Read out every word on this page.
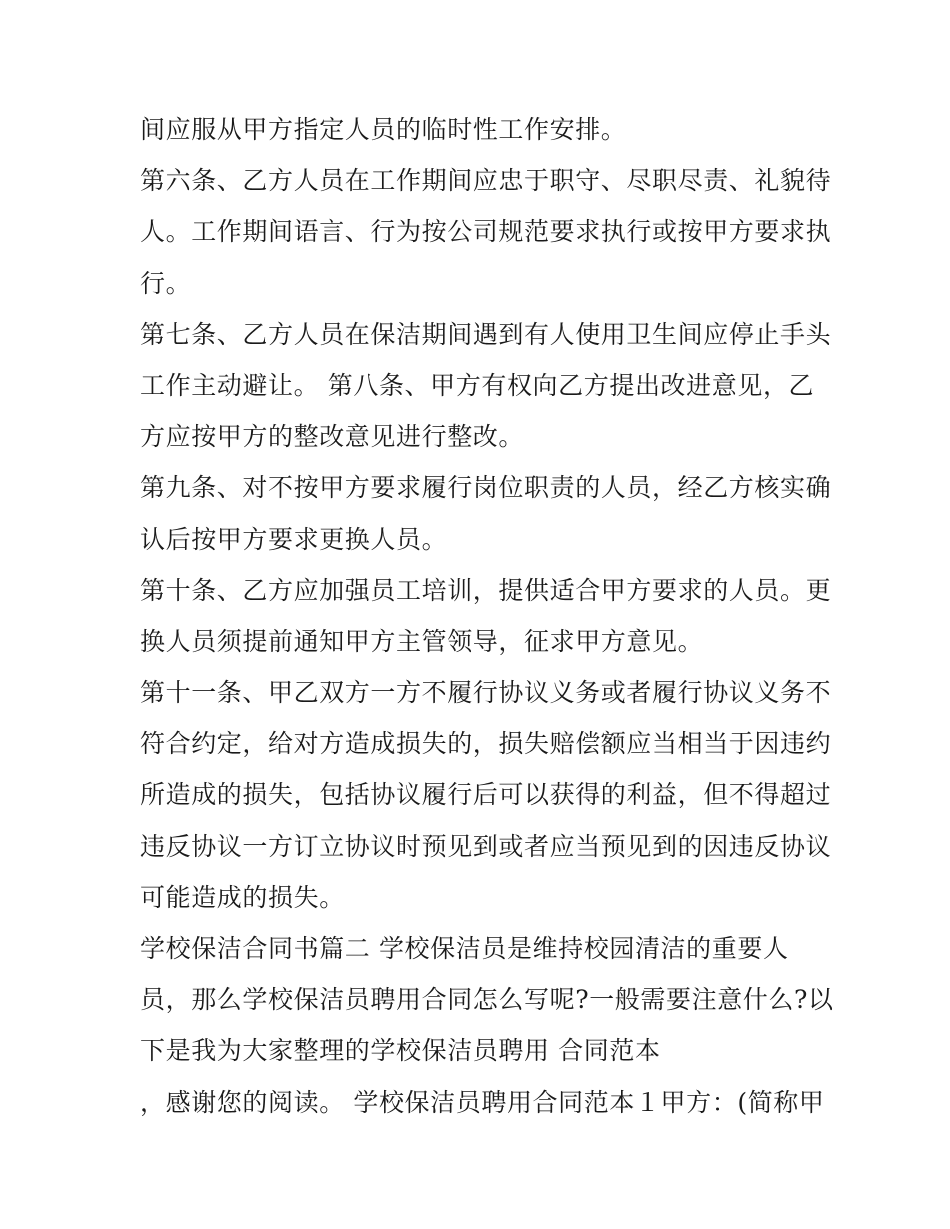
间应服从甲方指定人员的临时性工作安排。
第六条、乙方人员在工作期间应忠于职守、尽职尽责、礼貌待
人。工作期间语言、行为按公司规范要求执行或按甲方要求执
行。
第七条、乙方人员在保洁期间遇到有人使用卫生间应停止手头
工作主动避让。 第八条、甲方有权向乙方提出改进意见，乙
方应按甲方的整改意见进行整改。
第九条、对不按甲方要求履行岗位职责的人员，经乙方核实确
认后按甲方要求更换人员。
第十条、乙方应加强员工培训，提供适合甲方要求的人员。更
换人员须提前通知甲方主管领导，征求甲方意见。
第十一条、甲乙双方一方不履行协议义务或者履行协议义务不
符合约定，给对方造成损失的，损失赔偿额应当相当于因违约
所造成的损失，包括协议履行后可以获得的利益，但不得超过
违反协议一方订立协议时预见到或者应当预见到的因违反协议
可能造成的损失。
学校保洁合同书篇二 学校保洁员是维持校园清洁的重要人
员，那么学校保洁员聘用合同怎么写呢?一般需要注意什么?以
下是我为大家整理的学校保洁员聘用 合同范本
，感谢您的阅读。 学校保洁员聘用合同范本１甲方：(简称甲
